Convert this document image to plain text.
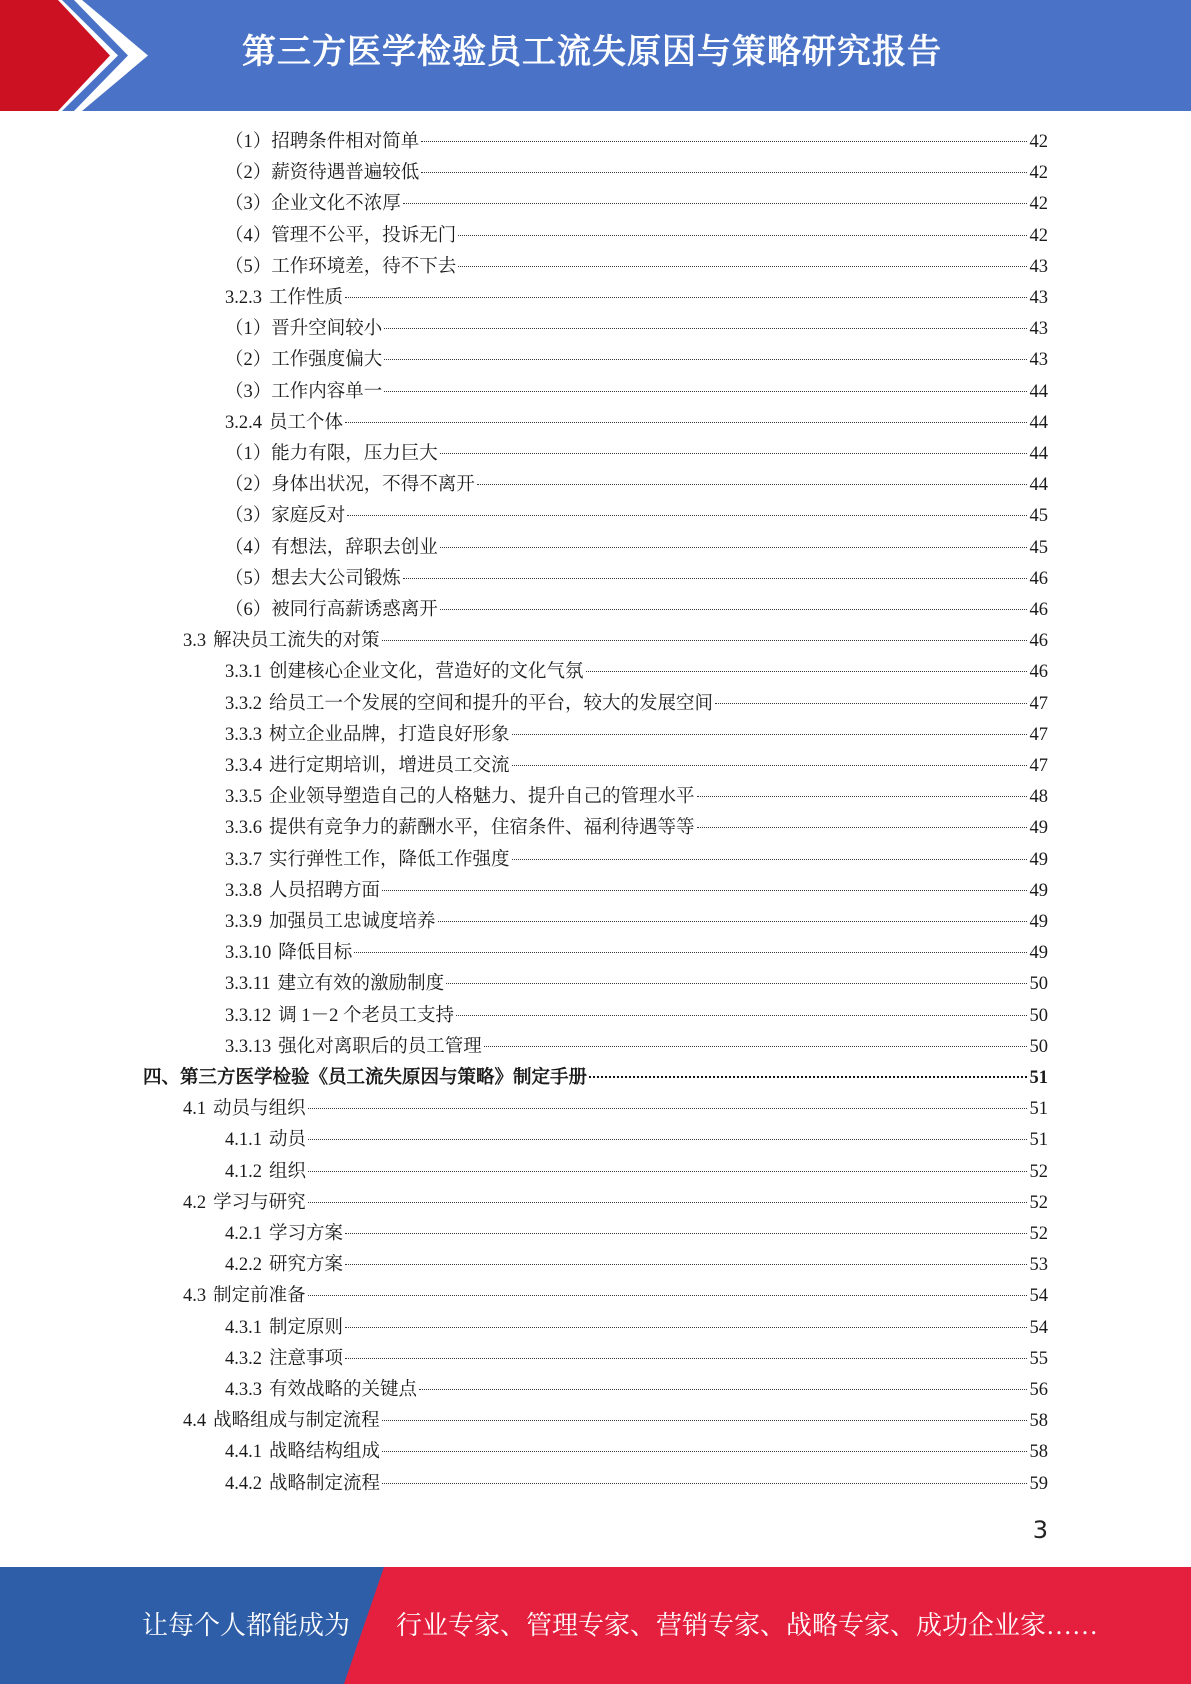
第三方医学检验员工流失原因与策略研究报告
（1） 招聘条件相对简单	42
（2） 薪资待遇普遍较低	42
（3） 企业文化不浓厚	42
（4） 管理不公平，投诉无门	42
（5） 工作环境差，待不下去	43
3.2.3 工作性质	43
（1） 晋升空间较小	43
（2） 工作强度偏大	43
（3） 工作内容单一	44
3.2.4 员工个体	44
（1） 能力有限，压力巨大	44
（2） 身体出状况，不得不离开	44
（3） 家庭反对	45
（4） 有想法，辞职去创业	45
（5） 想去大公司锻炼	46
（6） 被同行高薪诱惑离开	46
3.3 解决员工流失的对策	46
3.3.1 创建核心企业文化，营造好的文化气氛	46
3.3.2 给员工一个发展的空间和提升的平台，较大的发展空间	47
3.3.3 树立企业品牌，打造良好形象	47
3.3.4 进行定期培训，增进员工交流	47
3.3.5 企业领导塑造自己的人格魅力、提升自己的管理水平	48
3.3.6 提供有竞争力的薪酬水平，住宿条件、福利待遇等等	49
3.3.7 实行弹性工作，降低工作强度	49
3.3.8 人员招聘方面	49
3.3.9 加强员工忠诚度培养	49
3.3.10 降低目标	49
3.3.11 建立有效的激励制度	50
3.3.12 调 1－2 个老员工支持	50
3.3.13 强化对离职后的员工管理	50
四、第三方医学检验《员工流失原因与策略》制定手册	51
4.1 动员与组织	51
4.1.1 动员	51
4.1.2 组织	52
4.2 学习与研究	52
4.2.1 学习方案	52
4.2.2 研究方案	53
4.3 制定前准备	54
4.3.1 制定原则	54
4.3.2 注意事项	55
4.3.3 有效战略的关键点	56
4.4 战略组成与制定流程	58
4.4.1 战略结构组成	58
4.4.2 战略制定流程	59
3
让每个人都能成为 行业专家、管理专家、营销专家、战略专家、成功企业家……
